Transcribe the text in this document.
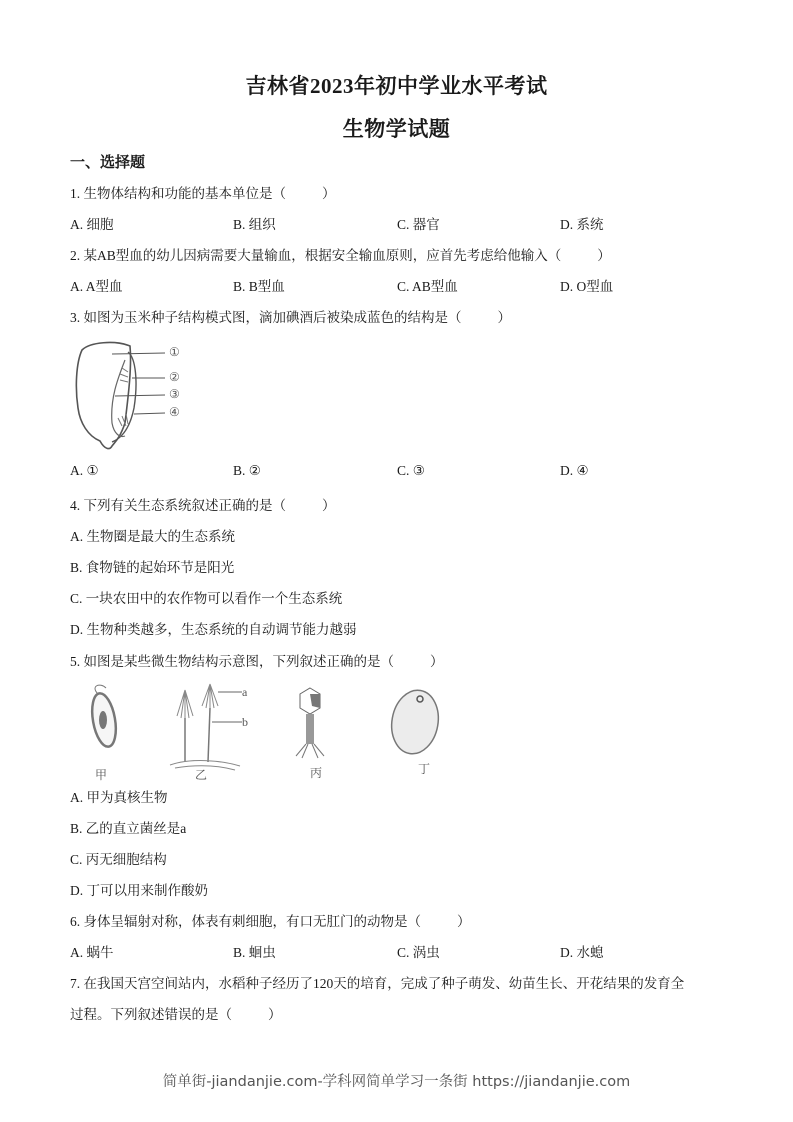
吉林省2023年初中学业水平考试
生物学试题
一、选择题
1. 生物体结构和功能的基本单位是（	）
A. 细胞	B. 组织	C. 器官	D. 系统
2. 某AB型血的幼儿因病需要大量输血，根据安全输血原则，应首先考虑给他输入（	）
A. A型血	B. B型血	C. AB型血	D. O型血
3. 如图为玉米种子结构模式图，滴加碘酒后被染成蓝色的结构是（	）
①
②
③
④
A. ①	B. ②	C. ③	D. ④
4. 下列有关生态系统叙述正确的是（	）
A. 生物圈是最大的生态系统
B. 食物链的起始环节是阳光
C. 一块农田中的农作物可以看作一个生态系统
D. 生物种类越多，生态系统的自动调节能力越弱
5. 如图是某些微生物结构示意图，下列叙述正确的是（	）
a
b
甲	乙	丙	丁
A. 甲为真核生物
B. 乙的直立菌丝是a
C. 丙无细胞结构
D. 丁可以用来制作酸奶
6. 身体呈辐射对称，体表有刺细胞，有口无肛门的动物是（	）
A. 蜗牛	B. 蛔虫	C. 涡虫	D. 水螅
7. 在我国天宫空间站内，水稻种子经历了120天的培育，完成了种子萌发、幼苗生长、开花结果的发育全
过程。下列叙述错误的是（	）
简单街-jiandanjie.com-学科网简单学习一条街 https://jiandanjie.com
